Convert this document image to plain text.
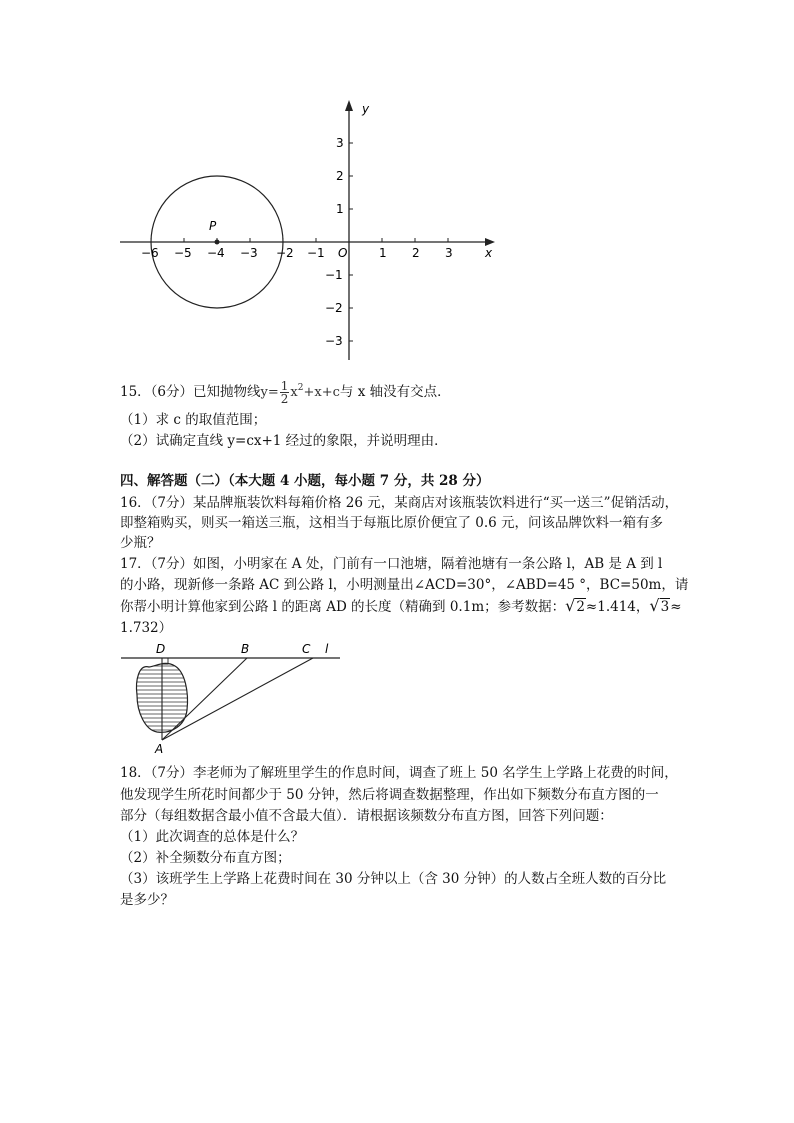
P
y
x
O
−6 −5 −4 −3 −2 −1	1 2 3
3
2
1
−1
−2
−3
15．（6分）已知抛物线$y= \frac{1}{2} x^2+x+c$与 x 轴没有交点．
（1）求 c 的取值范围；
（2）试确定直线 y=cx+1 经过的象限，并说明理由．
四、解答题（二）（本大题 4 小题，每小题 7 分，共 28 分）
16．（7分）某品牌瓶装饮料每箱价格 26 元，某商店对该瓶装饮料进行“买一送三”促销活动，
即整箱购买，则买一箱送三瓶，这相当于每瓶比原价便宜了 0.6 元，问该品牌饮料一箱有多
少瓶？
17．（7分）如图，小明家在 A 处，门前有一口池塘，隔着池塘有一条公路 l，AB 是 A 到 l
的小路，现新修一条路 AC 到公路 l，小明测量出∠ACD=30°，∠ABD=45 °，BC=50m，请
你帮小明计算他家到公路 l 的距离 AD 的长度（精确到 0.1m；参考数据：√2≈1.414，√3≈
1.732）
D	B	C l
A
18．（7分）李老师为了解班里学生的作息时间，调查了班上 50 名学生上学路上花费的时间，
他发现学生所花时间都少于 50 分钟，然后将调查数据整理，作出如下频数分布直方图的一
部分（每组数据含最小值不含最大值）．请根据该频数分布直方图，回答下列问题：
（1）此次调查的总体是什么？
（2）补全频数分布直方图；
（3）该班学生上学路上花费时间在 30 分钟以上（含 30 分钟）的人数占全班人数的百分比
是多少？
